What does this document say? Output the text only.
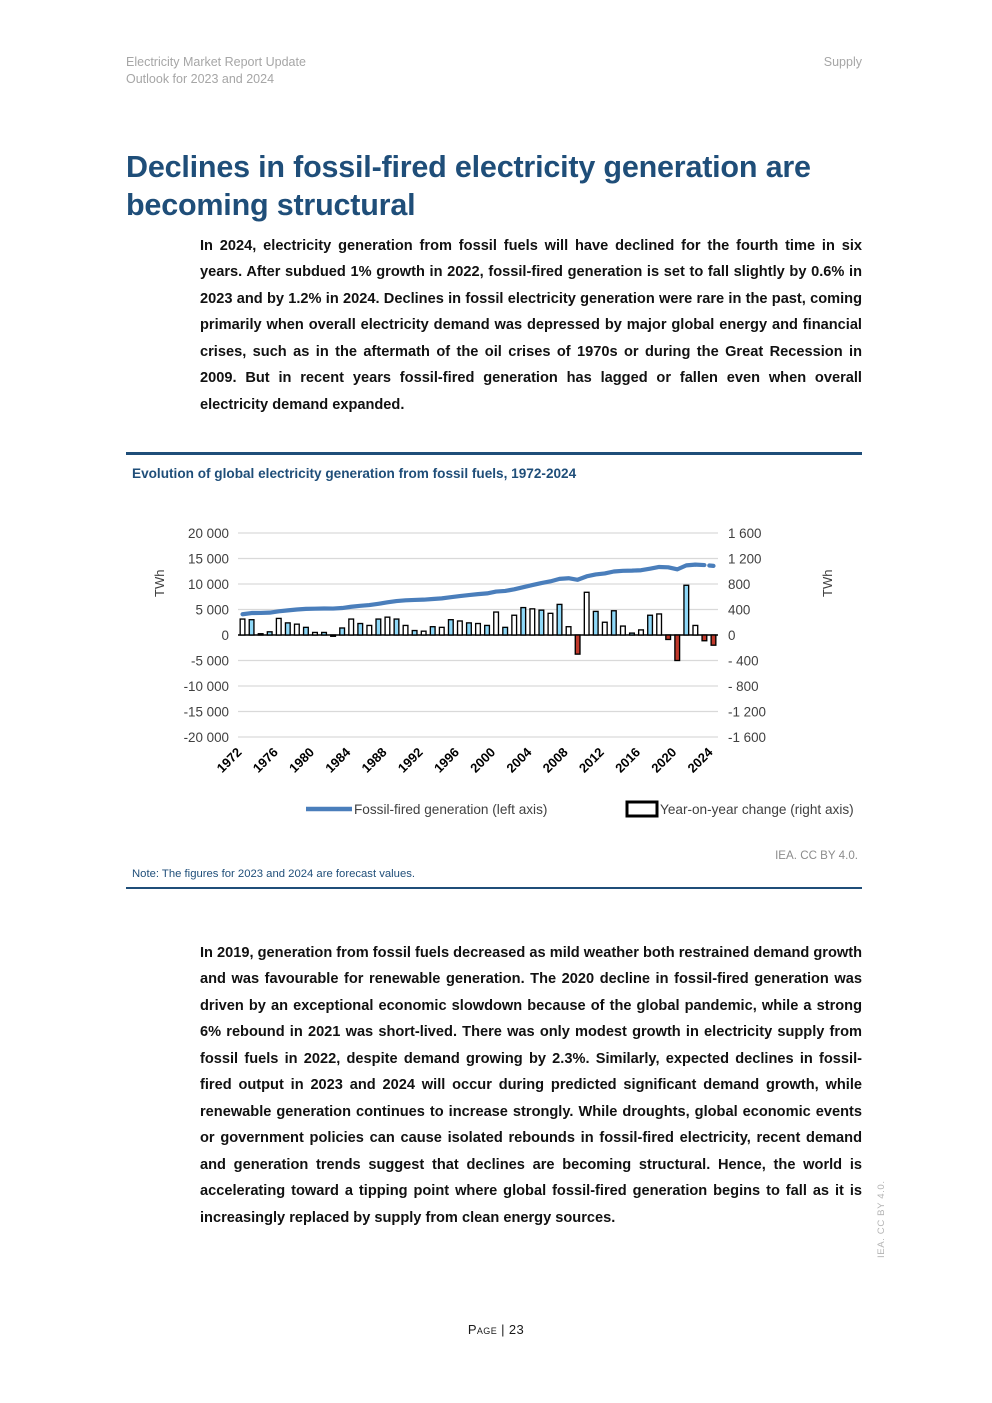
Electricity Market Report Update
Outlook for 2023 and 2024
Supply
Declines in fossil-fired electricity generation are becoming structural

In 2024, electricity generation from fossil fuels will have declined for the fourth time in six years. After subdued 1% growth in 2022, fossil-fired generation is set to fall slightly by 0.6% in 2023 and by 1.2% in 2024. Declines in fossil electricity generation were rare in the past, coming primarily when overall electricity demand was depressed by major global energy and financial crises, such as in the aftermath of the oil crises of 1970s or during the Great Recession in 2009. But in recent years fossil-fired generation has lagged or fallen even when overall electricity demand expanded.

Evolution of global electricity generation from fossil fuels, 1972-2024
-20 000	-1 600
-15 000	-1 200
-10 000	- 800
-5 000	- 400
0	0
5 000	400
10 000	800
15 000	1 200
20 000	1 600
TWh	TWh
1972 1976 1980 1984 1988 1992 1996 2000 2004 2008 2012 2016 2020 2024
Fossil-fired generation (left axis)	Year-on-year change (right axis)
IEA. CC BY 4.0.
Note: The figures for 2023 and 2024 are forecast values.

In 2019, generation from fossil fuels decreased as mild weather both restrained demand growth and was favourable for renewable generation. The 2020 decline in fossil-fired generation was driven by an exceptional economic slowdown because of the global pandemic, while a strong 6% rebound in 2021 was short-lived. There was only modest growth in electricity supply from fossil fuels in 2022, despite demand growing by 2.3%. Similarly, expected declines in fossil-fired output in 2023 and 2024 will occur during predicted significant demand growth, while renewable generation continues to increase strongly. While droughts, global economic events or government policies can cause isolated rebounds in fossil-fired electricity, recent demand and generation trends suggest that declines are becoming structural. Hence, the world is accelerating toward a tipping point where global fossil-fired generation begins to fall as it is increasingly replaced by supply from clean energy sources.

Page | 23
IEA. CC BY 4.0.
